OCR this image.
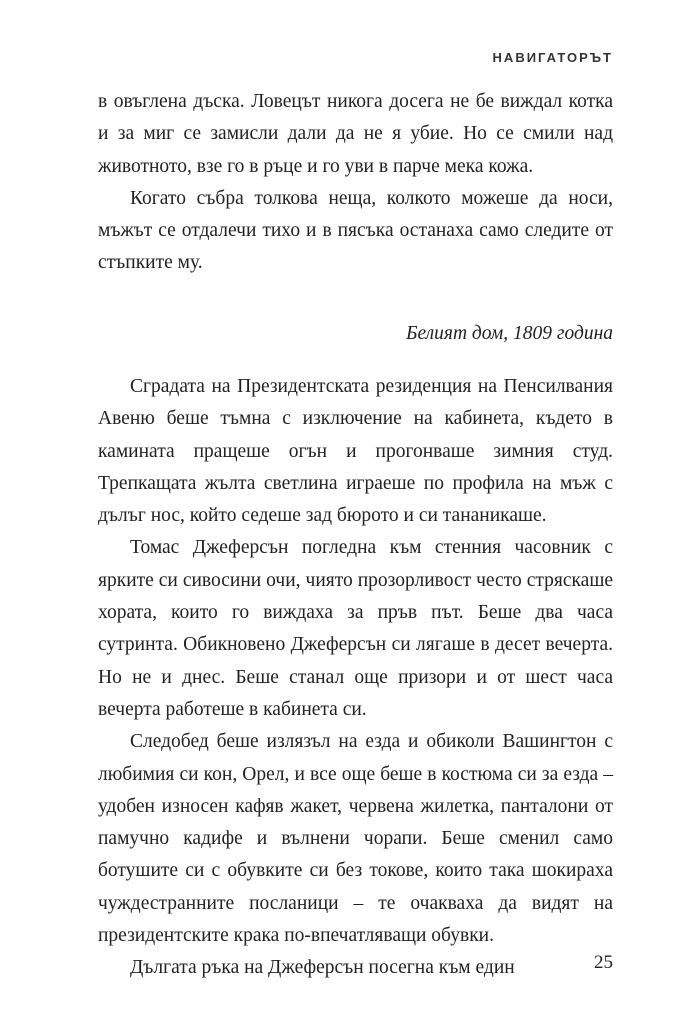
НАВИГАТОРЪТ

в овъглена дъска. Ловецът никога досега не бе виждал котка и за миг се замисли дали да не я убие. Но се смили над животното, взе го в ръце и го уви в парче мека кожа.

Когато събра толкова неща, колкото можеше да носи, мъжът се отдалечи тихо и в пясъка останаха само следите от стъпките му.

Белият дом, 1809 година

Сградата на Президентската резиденция на Пенсилвания Авеню беше тъмна с изключение на кабинета, където в камината пращеше огън и прогонваше зимния студ. Трепкащата жълта светлина играеше по профила на мъж с дълъг нос, който седеше зад бюрото и си тананикаше.

Томас Джеферсън погледна към стенния часовник с ярките си сивосини очи, чиято прозорливост често стряскаше хората, които го виждаха за пръв път. Беше два часа сутринта. Обикновено Джеферсън си лягаше в десет вечерта. Но не и днес. Беше станал още призори и от шест часа вечерта работеше в кабинета си.

Следобед беше излязъл на езда и обиколи Вашингтон с любимия си кон, Орел, и все още беше в костюма си за езда – удобен износен кафяв жакет, червена жилетка, панталони от памучно кадифе и вълнени чорапи. Беше сменил само ботушите си с обувките си без токове, които така шокираха чуждестранните посланици – те очакваха да видят на президентските крака по-впечатляващи обувки.

Дългата ръка на Джеферсън посегна към един	25
